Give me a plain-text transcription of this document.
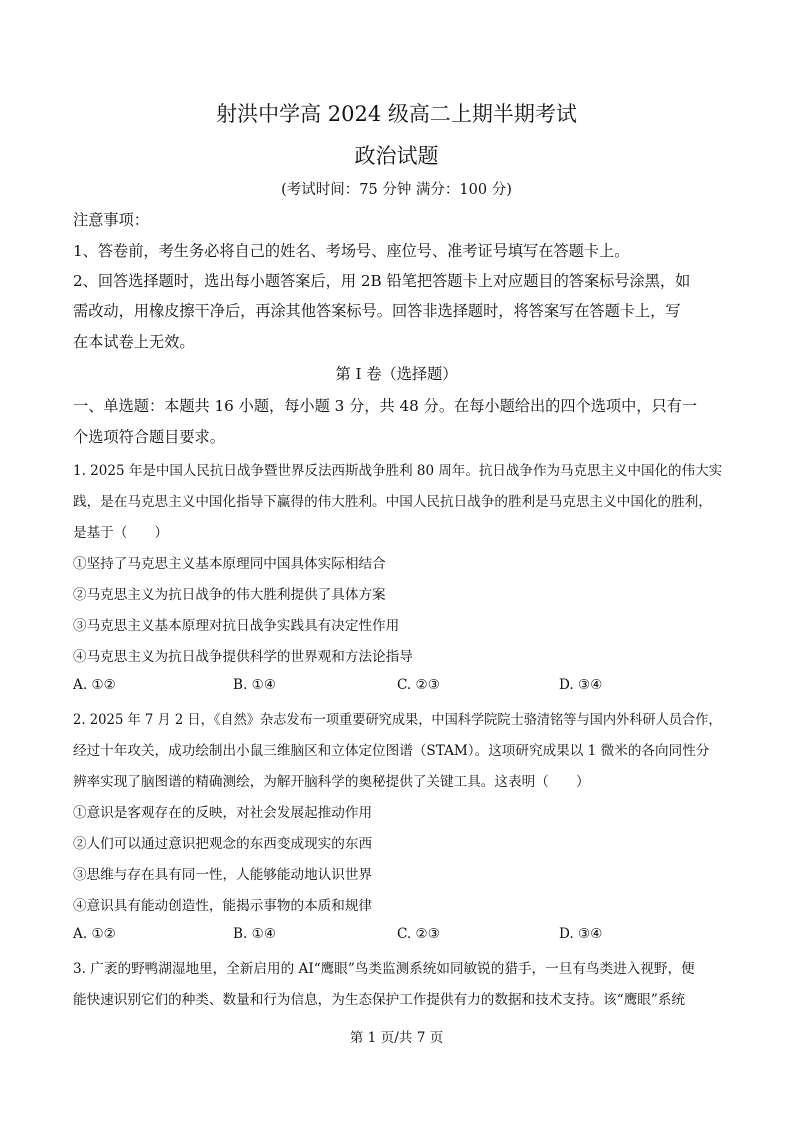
射洪中学高 2024 级高二上期半期考试
政治试题
(考试时间：75 分钟 满分：100 分)
注意事项：
1、答卷前，考生务必将自己的姓名、考场号、座位号、准考证号填写在答题卡上。
2、回答选择题时，选出每小题答案后，用 2B 铅笔把答题卡上对应题目的答案标号涂黑，如
需改动，用橡皮擦干净后，再涂其他答案标号。回答非选择题时，将答案写在答题卡上，写
在本试卷上无效。
第 I 卷（选择题）
一、单选题：本题共 16 小题，每小题 3 分，共 48 分。在每小题给出的四个选项中，只有一
个选项符合题目要求。
1. 2025 年是中国人民抗日战争暨世界反法西斯战争胜利 80 周年。抗日战争作为马克思主义中国化的伟大实
践，是在马克思主义中国化指导下赢得的伟大胜利。中国人民抗日战争的胜利是马克思主义中国化的胜利，
是基于（　　）
①坚持了马克思主义基本原理同中国具体实际相结合
②马克思主义为抗日战争的伟大胜利提供了具体方案
③马克思主义基本原理对抗日战争实践具有决定性作用
④马克思主义为抗日战争提供科学的世界观和方法论指导
A. ①②	B. ①④	C. ②③	D. ③④
2. 2025 年 7 月 2 日，《自然》杂志发布一项重要研究成果，中国科学院院士骆清铭等与国内外科研人员合作，
经过十年攻关，成功绘制出小鼠三维脑区和立体定位图谱（STAM）。这项研究成果以 1 微米的各向同性分
辨率实现了脑图谱的精确测绘，为解开脑科学的奥秘提供了关键工具。这表明（　　）
①意识是客观存在的反映，对社会发展起推动作用
②人们可以通过意识把观念的东西变成现实的东西
③思维与存在具有同一性，人能够能动地认识世界
④意识具有能动创造性，能揭示事物的本质和规律
A. ①②	B. ①④	C. ②③	D. ③④
3. 广袤的野鸭湖湿地里，全新启用的 AI“鹰眼”鸟类监测系统如同敏锐的猎手，一旦有鸟类进入视野，便
能快速识别它们的种类、数量和行为信息，为生态保护工作提供有力的数据和技术支持。该“鹰眼”系统
第 1 页/共 7 页
